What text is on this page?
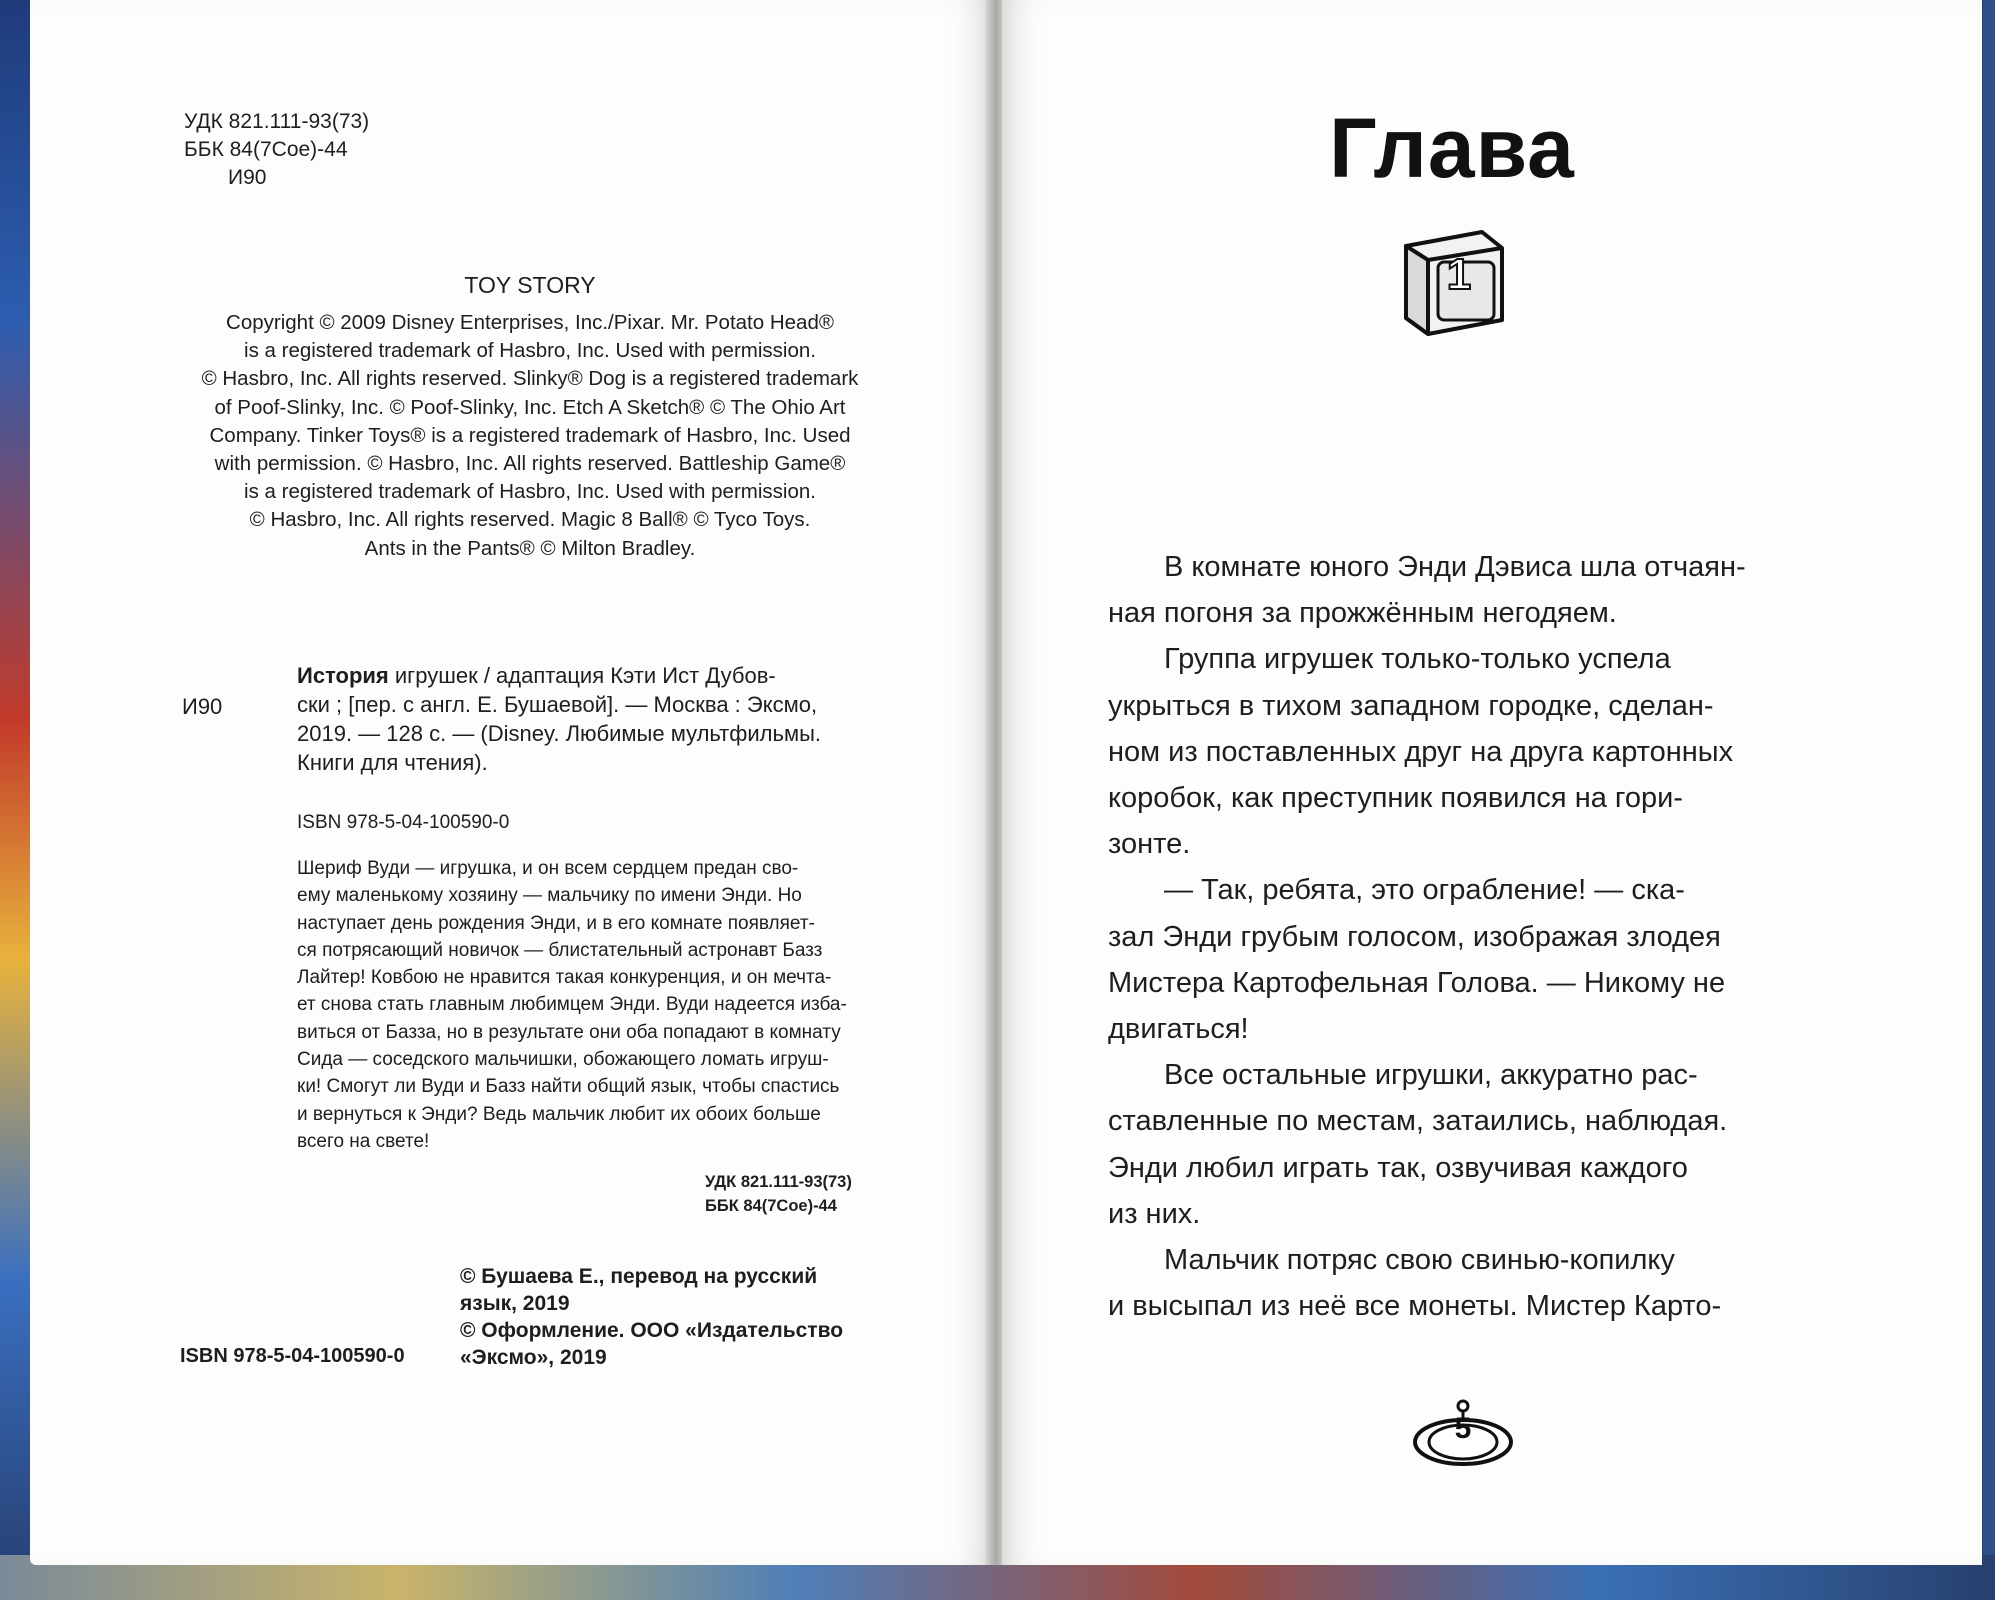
УДК 821.111-93(73)
ББК 84(7Сое)-44
И90
TOY STORY
Copyright © 2009 Disney Enterprises, Inc./Pixar. Mr. Potato Head®
is a registered trademark of Hasbro, Inc. Used with permission.
© Hasbro, Inc. All rights reserved. Slinky® Dog is a registered trademark
of Poof-Slinky, Inc. © Poof-Slinky, Inc. Etch A Sketch® © The Ohio Art
Company. Tinker Toys® is a registered trademark of Hasbro, Inc. Used
with permission. © Hasbro, Inc. All rights reserved. Battleship Game®
is a registered trademark of Hasbro, Inc. Used with permission.
© Hasbro, Inc. All rights reserved. Magic 8 Ball® © Tyco Toys.
Ants in the Pants® © Milton Bradley.
И90
История игрушек / адаптация Кэти Ист Дубов-
ски ; [пер. с англ. Е. Бушаевой]. — Москва : Эксмо,
2019. — 128 с. — (Disney. Любимые мультфильмы.
Книги для чтения).
ISBN 978-5-04-100590-0
Шериф Вуди — игрушка, и он всем сердцем предан сво-
ему маленькому хозяину — мальчику по имени Энди. Но
наступает день рождения Энди, и в его комнате появляет-
ся потрясающий новичок — блистательный астронавт Базз
Лайтер! Ковбою не нравится такая конкуренция, и он мечта-
ет снова стать главным любимцем Энди. Вуди надеется изба-
виться от Базза, но в результате они оба попадают в комнату
Сида — соседского мальчишки, обожающего ломать игруш-
ки! Смогут ли Вуди и Базз найти общий язык, чтобы спастись
и вернуться к Энди? Ведь мальчик любит их обоих больше
всего на свете!
УДК 821.111-93(73)
ББК 84(7Сое)-44
© Бушаева Е., перевод на русский
язык, 2019
© Оформление. ООО «Издательство
«Эксмо», 2019
ISBN 978-5-04-100590-0
Глава
1
В комнате юного Энди Дэвиса шла отчаян-
ная погоня за прожжённым негодяем.
Группа игрушек только-только успела
укрыться в тихом западном городке, сделан-
ном из поставленных друг на друга картонных
коробок, как преступник появился на гори-
зонте.
— Так, ребята, это ограбление! — ска-
зал Энди грубым голосом, изображая злодея
Мистера Картофельная Голова. — Никому не
двигаться!
Все остальные игрушки, аккуратно рас-
ставленные по местам, затаились, наблюдая.
Энди любил играть так, озвучивая каждого
из них.
Мальчик потряс свою свинью-копилку
и высыпал из неё все монеты. Мистер Карто-
5
